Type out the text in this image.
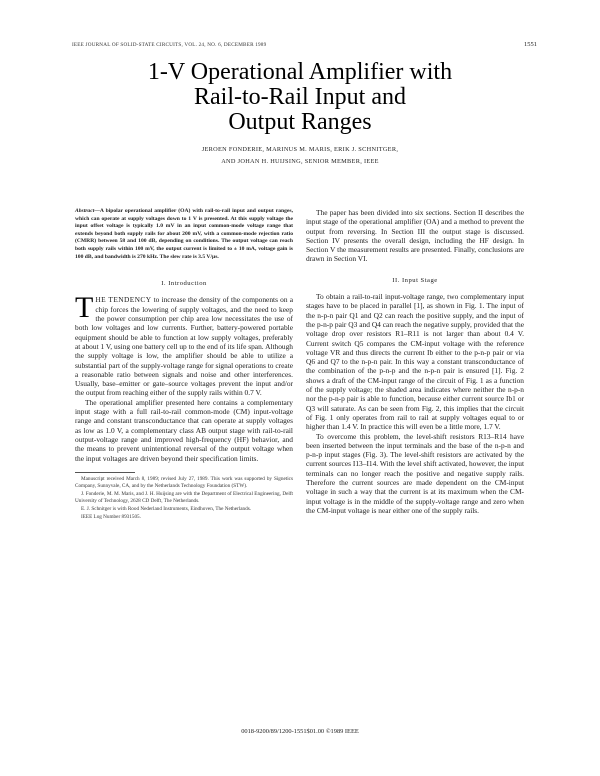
IEEE JOURNAL OF SOLID-STATE CIRCUITS, VOL. 24, NO. 6, DECEMBER 1989	1551
1-V Operational Amplifier with
Rail-to-Rail Input and
Output Ranges
JEROEN FONDERIE, MARINUS M. MARIS, ERIK J. SCHNITGER,
AND JOHAN H. HUIJSING, SENIOR MEMBER, IEEE
Abstract—A bipolar operational amplifier (OA) with rail-to-rail input and output ranges, which can operate at supply voltages down to 1 V is presented. At this supply voltage the input offset voltage is typically 1.0 mV in an input common-mode voltage range that extends beyond both supply rails for about 200 mV, with a common-mode rejection ratio (CMRR) between 58 and 100 dB, depending on conditions. The output voltage can reach both supply rails within 100 mV, the output current is limited to ± 10 mA, voltage gain is 100 dB, and bandwidth is 270 kHz. The slew rate is 3.5 V/μs.
I. Introduction

THE TENDENCY to increase the density of the components on a chip forces the lowering of supply voltages, and the need to keep the power consumption per chip area low necessitates the use of both low voltages and low currents. Further, battery-powered portable equipment should be able to function at low supply voltages, preferably at about 1 V, using one battery cell up to the end of its life span. Although the supply voltage is low, the amplifier should be able to utilize a substantial part of the supply-voltage range for signal operations to create a reasonable ratio between signals and noise and other interferences. Usually, base–emitter or gate–source voltages prevent the input and/or the output from reaching either of the supply rails within 0.7 V.

The operational amplifier presented here contains a complementary input stage with a full rail-to-rail common-mode (CM) input-voltage range and constant transconductance that can operate at supply voltages as low as 1.0 V, a complementary class AB output stage with rail-to-rail output-voltage range and improved high-frequency (HF) behavior, and the means to prevent unintentional reversal of the output voltage when the input voltages are driven beyond their specification limits.

Manuscript received March 8, 1989; revised July 27, 1989. This work was supported by Signetics Company, Sunnyvale, CA, and by the Netherlands Technology Foundation (STW).

J. Fonderie, M. M. Maris, and J. H. Huijsing are with the Department of Electrical Engineering, Delft University of Technology, 2628 CD Delft, The Netherlands.

E. J. Schnitger is with Rood Nederland Instruments, Eindhoven, The Netherlands.

IEEE Log Number 8931505.

The paper has been divided into six sections. Section II describes the input stage of the operational amplifier (OA) and a method to prevent the output from reversing. In Section III the output stage is discussed. Section IV presents the overall design, including the HF design. In Section V the measurement results are presented. Finally, conclusions are drawn in Section VI.

II. Input Stage

To obtain a rail-to-rail input-voltage range, two complementary input stages have to be placed in parallel [1], as shown in Fig. 1. The input of the n-p-n pair Q1 and Q2 can reach the positive supply, and the input of the p-n-p pair Q3 and Q4 can reach the negative supply, provided that the voltage drop over resistors R1–R11 is not larger than about 0.4 V. Current switch Q5 compares the CM-input voltage with the reference voltage VR and thus directs the current Ib either to the p-n-p pair or via Q6 and Q7 to the n-p-n pair. In this way a constant transconductance of the combination of the p-n-p and the n-p-n pair is ensured [1]. Fig. 2 shows a draft of the CM-input range of the circuit of Fig. 1 as a function of the supply voltage; the shaded area indicates where neither the n-p-n nor the p-n-p pair is able to function, because either current source Ib1 or Q3 will saturate. As can be seen from Fig. 2, this implies that the circuit of Fig. 1 only operates from rail to rail at supply voltages equal to or higher than 1.4 V. In practice this will even be a little more, 1.7 V.

To overcome this problem, the level-shift resistors R13–R14 have been inserted between the input terminals and the base of the n-p-n and p-n-p input stages (Fig. 3). The level-shift resistors are activated by the current sources I13–I14. With the level shift activated, however, the input terminals can no longer reach the positive and negative supply rails. Therefore the current sources are made dependent on the CM-input voltage in such a way that the current is at its maximum when the CM-input voltage is in the middle of the supply-voltage range and zero when the CM-input voltage is near either one of the supply rails.

0018-9200/89/1200-1551$01.00 ©1989 IEEE
